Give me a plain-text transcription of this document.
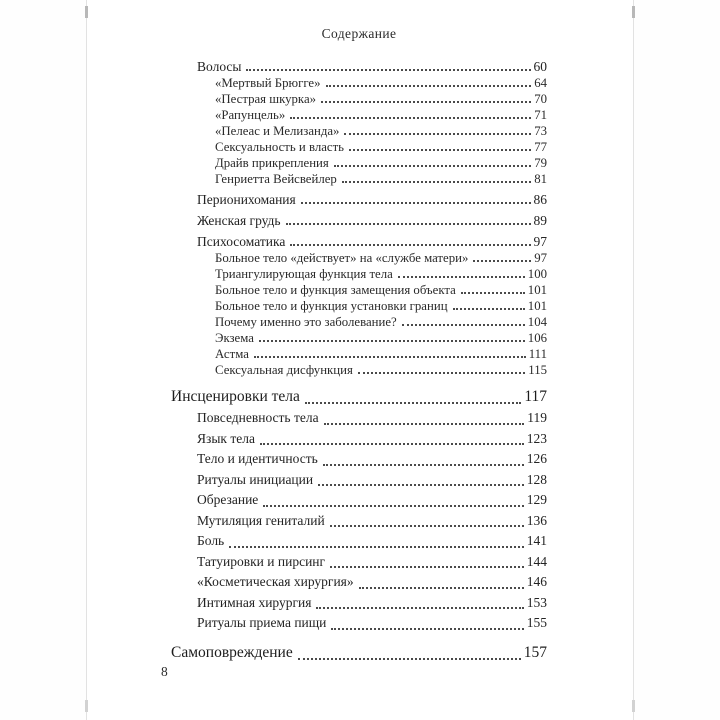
Содержание
Волосы	60
«Мертвый Брюгге»	64
«Пестрая шкурка»	70
«Рапунцель»	71
«Пелеас и Мелизанда»	73
Сексуальность и власть	77
Драйв прикрепления	79
Генриетта Вейсвейлер	81
Перионихомания	86
Женская грудь	89
Психосоматика	97
Больное тело «действует» на «службе матери»	97
Триангулирующая функция тела	100
Больное тело и функция замещения объекта	101
Больное тело и функция установки границ	101
Почему именно это заболевание?	104
Экзема	106
Астма	111
Сексуальная дисфункция	115
Инсценировки тела	117
Повседневность тела	119
Язык тела	123
Тело и идентичность	126
Ритуалы инициации	128
Обрезание	129
Мутиляция гениталий	136
Боль	141
Татуировки и пирсинг	144
«Косметическая хирургия»	146
Интимная хирургия	153
Ритуалы приема пищи	155
Самоповреждение	157
8
